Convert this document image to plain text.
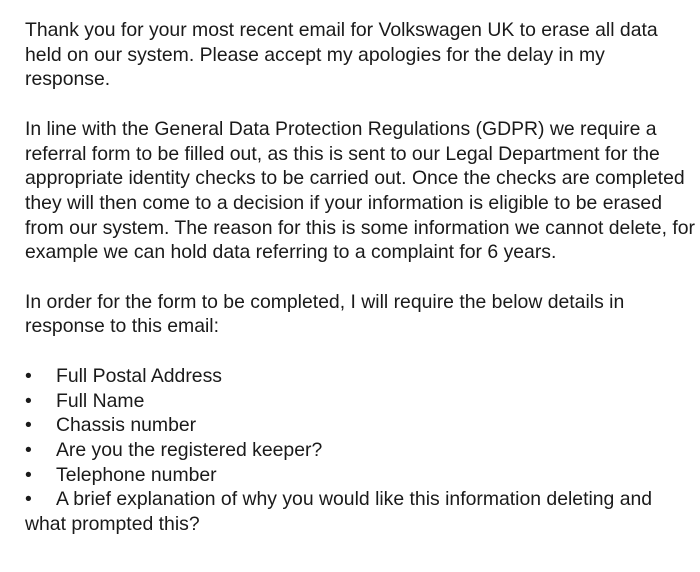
Thank you for your most recent email for Volkswagen UK to erase all data held on our system. Please accept my apologies for the delay in my response.

In line with the General Data Protection Regulations (GDPR) we require a referral form to be filled out, as this is sent to our Legal Department for the appropriate identity checks to be carried out. Once the checks are completed they will then come to a decision if your information is eligible to be erased from our system. The reason for this is some information we cannot delete, for example we can hold data referring to a complaint for 6 years.

In order for the form to be completed, I will require the below details in response to this email:

• Full Postal Address
• Full Name
• Chassis number
• Are you the registered keeper?
• Telephone number
• A brief explanation of why you would like this information deleting and what prompted this?
